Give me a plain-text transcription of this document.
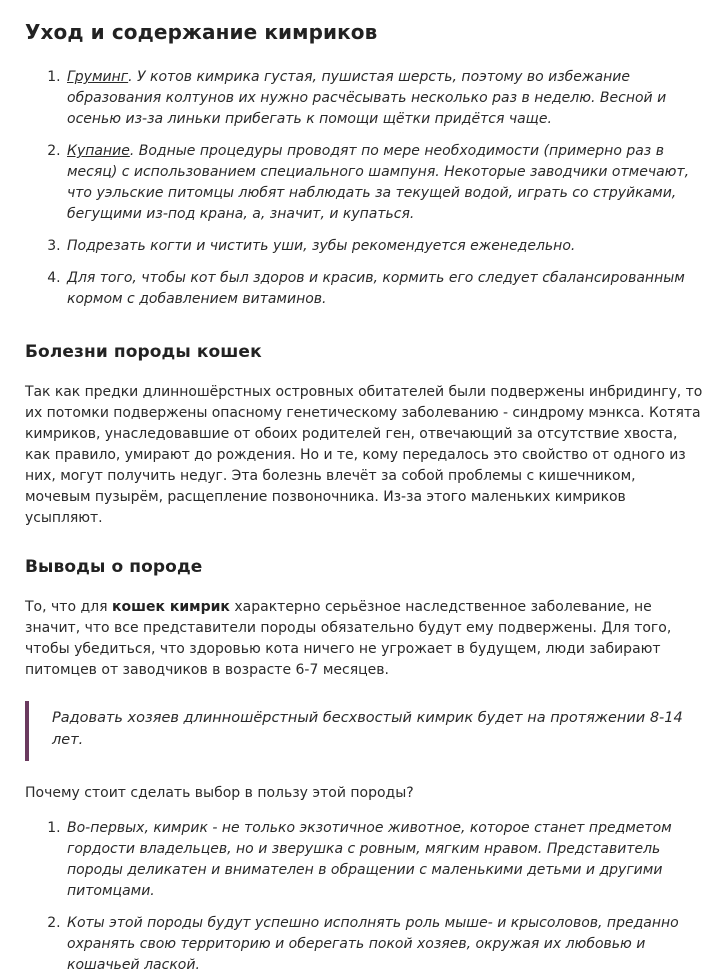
Уход и содержание кимриков
1. Груминг. У котов кимрика густая, пушистая шерсть, поэтому во избежание образования колтунов их нужно расчёсывать несколько раз в неделю. Весной и осенью из-за линьки прибегать к помощи щётки придётся чаще.
2. Купание. Водные процедуры проводят по мере необходимости (примерно раз в месяц) с использованием специального шампуня. Некоторые заводчики отмечают, что уэльские питомцы любят наблюдать за текущей водой, играть со струйками, бегущими из-под крана, а, значит, и купаться.
3. Подрезать когти и чистить уши, зубы рекомендуется еженедельно.
4. Для того, чтобы кот был здоров и красив, кормить его следует сбалансированным кормом с добавлением витаминов.
Болезни породы кошек

Так как предки длинношёрстных островных обитателей были подвержены инбридингу, то их потомки подвержены опасному генетическому заболеванию - синдрому мэнкса. Котята кимриков, унаследовавшие от обоих родителей ген, отвечающий за отсутствие хвоста, как правило, умирают до рождения. Но и те, кому передалось это свойство от одного из них, могут получить недуг. Эта болезнь влечёт за собой проблемы с кишечником, мочевым пузырём, расщепление позвоночника. Из-за этого маленьких кимриков усыпляют.

Выводы о породе

То, что для кошек кимрик характерно серьёзное наследственное заболевание, не значит, что все представители породы обязательно будут ему подвержены. Для того, чтобы убедиться, что здоровью кота ничего не угрожает в будущем, люди забирают питомцев от заводчиков в возрасте 6-7 месяцев.

Радовать хозяев длинношёрстный бесхвостый кимрик будет на протяжении 8-14 лет.

Почему стоит сделать выбор в пользу этой породы?

1. Во-первых, кимрик - не только экзотичное животное, которое станет предметом гордости владельцев, но и зверушка с ровным, мягким нравом. Представитель породы деликатен и внимателен в обращении с маленькими детьми и другими питомцами.
2. Коты этой породы будут успешно исполнять роль мыше- и крысоловов, преданно охранять свою территорию и оберегать покой хозяев, окружая их любовью и кошачьей лаской.
